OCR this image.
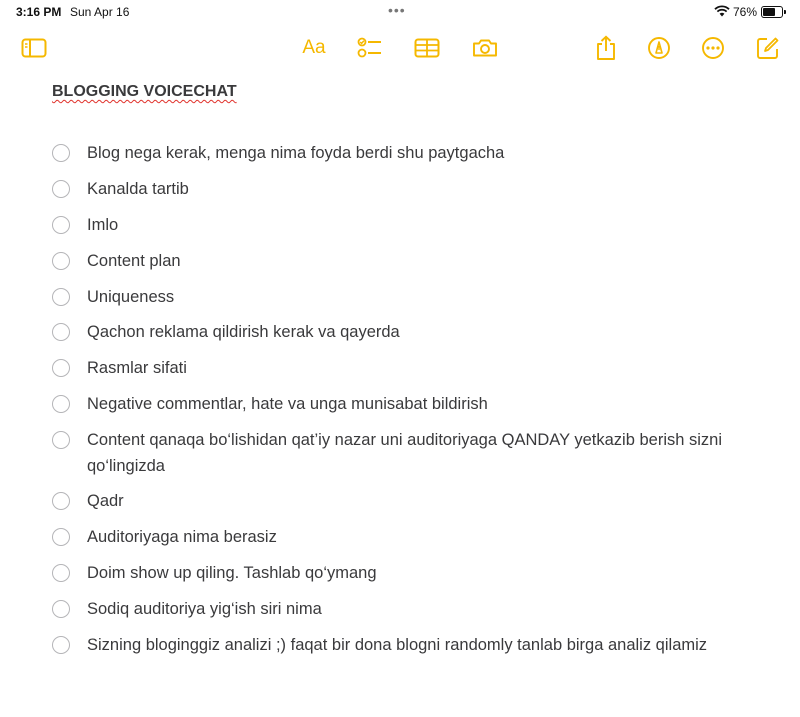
3:16 PM Sun Apr 16	•••	76%
Aa
BLOGGING VOICECHAT
Blog nega kerak, menga nima foyda berdi shu paytgacha
Kanalda tartib
Imlo
Content plan
Uniqueness
Qachon reklama qildirish kerak va qayerda
Rasmlar sifati
Negative commentlar, hate va unga munisabat bildirish
Content qanaqa bo‘lishidan qat’iy nazar uni auditoriyaga QANDAY yetkazib berish sizni qo‘lingizda
Qadr
Auditoriyaga nima berasiz
Doim show up qiling. Tashlab qo‘ymang
Sodiq auditoriya yig‘ish siri nima
Sizning bloginggiz analizi ;) faqat bir dona blogni randomly tanlab birga analiz qilamiz
